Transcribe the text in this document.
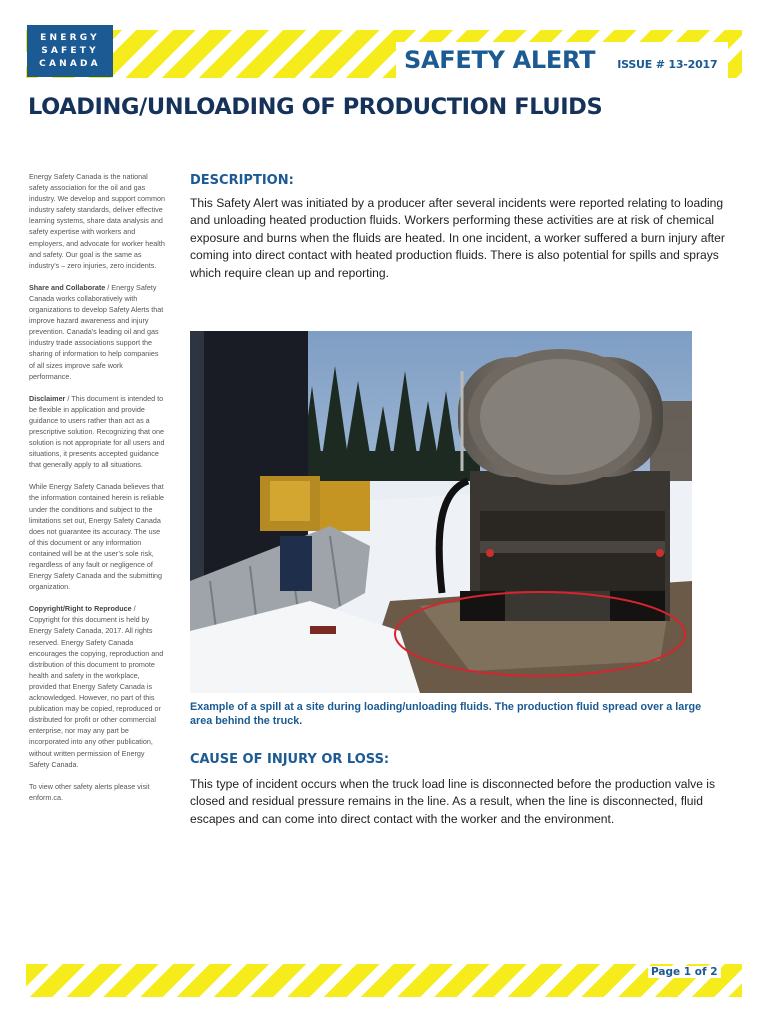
ENERGY
SAFETY
CANADA	SAFETY ALERT ISSUE # 13-2017
LOADING/UNLOADING OF PRODUCTION FLUIDS

Energy Safety Canada is the national safety association for the oil and gas industry. We develop and support common industry safety standards, deliver effective learning systems, share data analysis and safety expertise with workers and employers, and advocate for worker health and safety. Our goal is the same as industry’s – zero injuries, zero incidents.

Share and Collaborate / Energy Safety Canada works collaboratively with organizations to develop Safety Alerts that improve hazard awareness and injury prevention. Canada's leading oil and gas industry trade associations support the sharing of information to help companies of all sizes improve safe work performance.

Disclaimer / This document is intended to be flexible in application and provide guidance to users rather than act as a prescriptive solution. Recognizing that one solution is not appropriate for all users and situations, it presents accepted guidance that generally apply to all situations.

While Energy Safety Canada believes that the information contained herein is reliable under the conditions and subject to the limitations set out, Energy Safety Canada does not guarantee its accuracy. The use of this document or any information contained will be at the user’s sole risk, regardless of any fault or negligence of Energy Safety Canada and the submitting organization.

Copyright/Right to Reproduce / Copyright for this document is held by Energy Safety Canada, 2017. All rights reserved. Energy Safety Canada encourages the copying, reproduction and distribution of this document to promote health and safety in the workplace, provided that Energy Safety Canada is acknowledged. However, no part of this publication may be copied, reproduced or distributed for profit or other commercial enterprise, nor may any part be incorporated into any other publication, without written permission of Energy Safety Canada.

To view other safety alerts please visit enform.ca.

DESCRIPTION:

This Safety Alert was initiated by a producer after several incidents were reported relating to loading and unloading heated production fluids. Workers performing these activities are at risk of chemical exposure and burns when the fluids are heated. In one incident, a worker suffered a burn injury after coming into direct contact with heated production fluids. There is also potential for spills and sprays which require clean up and reporting.

Example of a spill at a site during loading/unloading fluids. The production fluid spread over a large area behind the truck.

CAUSE OF INJURY OR LOSS:

This type of incident occurs when the truck load line is disconnected before the production valve is closed and residual pressure remains in the line. As a result, when the line is disconnected, fluid escapes and can come into direct contact with the worker and the environment.

Page 1 of 2
